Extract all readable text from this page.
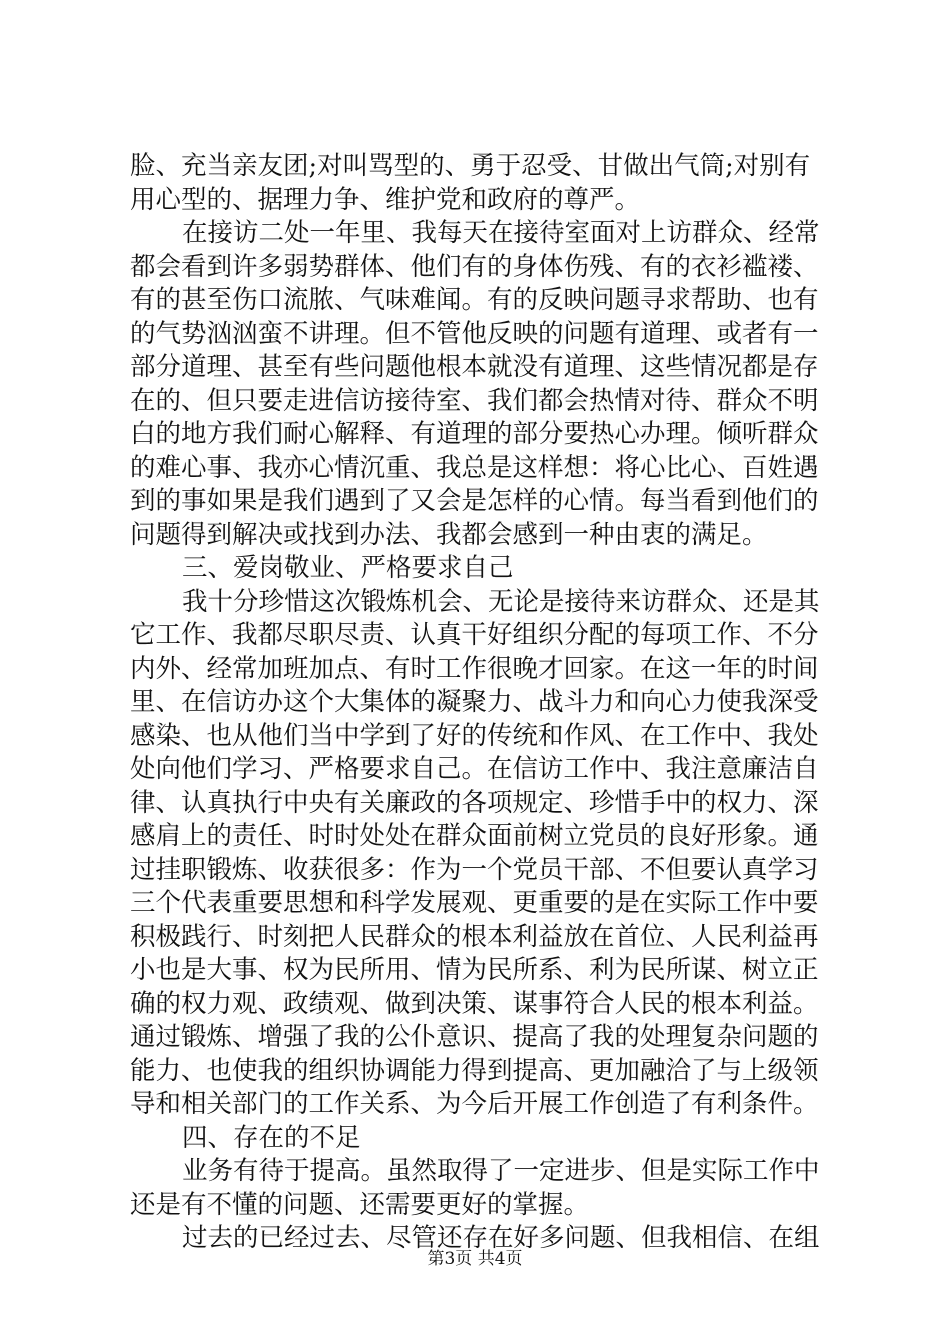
脸、充当亲友团;对叫骂型的、勇于忍受、甘做出气筒;对别有
用心型的、据理力争、维护党和政府的尊严。
在接访二处一年里、我每天在接待室面对上访群众、经常
都会看到许多弱势群体、他们有的身体伤残、有的衣衫褴褛、
有的甚至伤口流脓、气味难闻。有的反映问题寻求帮助、也有
的气势汹汹蛮不讲理。但不管他反映的问题有道理、或者有一
部分道理、甚至有些问题他根本就没有道理、这些情况都是存
在的、但只要走进信访接待室、我们都会热情对待、群众不明
白的地方我们耐心解释、有道理的部分要热心办理。倾听群众
的难心事、我亦心情沉重、我总是这样想：将心比心、百姓遇
到的事如果是我们遇到了又会是怎样的心情。每当看到他们的
问题得到解决或找到办法、我都会感到一种由衷的满足。
三、爱岗敬业、严格要求自己
我十分珍惜这次锻炼机会、无论是接待来访群众、还是其
它工作、我都尽职尽责、认真干好组织分配的每项工作、不分
内外、经常加班加点、有时工作很晚才回家。在这一年的时间
里、在信访办这个大集体的凝聚力、战斗力和向心力使我深受
感染、也从他们当中学到了好的传统和作风、在工作中、我处
处向他们学习、严格要求自己。在信访工作中、我注意廉洁自
律、认真执行中央有关廉政的各项规定、珍惜手中的权力、深
感肩上的责任、时时处处在群众面前树立党员的良好形象。通
过挂职锻炼、收获很多：作为一个党员干部、不但要认真学习
三个代表重要思想和科学发展观、更重要的是在实际工作中要
积极践行、时刻把人民群众的根本利益放在首位、人民利益再
小也是大事、权为民所用、情为民所系、利为民所谋、树立正
确的权力观、政绩观、做到决策、谋事符合人民的根本利益。
通过锻炼、增强了我的公仆意识、提高了我的处理复杂问题的
能力、也使我的组织协调能力得到提高、更加融洽了与上级领
导和相关部门的工作关系、为今后开展工作创造了有利条件。
四、存在的不足
业务有待于提高。虽然取得了一定进步、但是实际工作中
还是有不懂的问题、还需要更好的掌握。
过去的已经过去、尽管还存在好多问题、但我相信、在组
第3页 共4页
